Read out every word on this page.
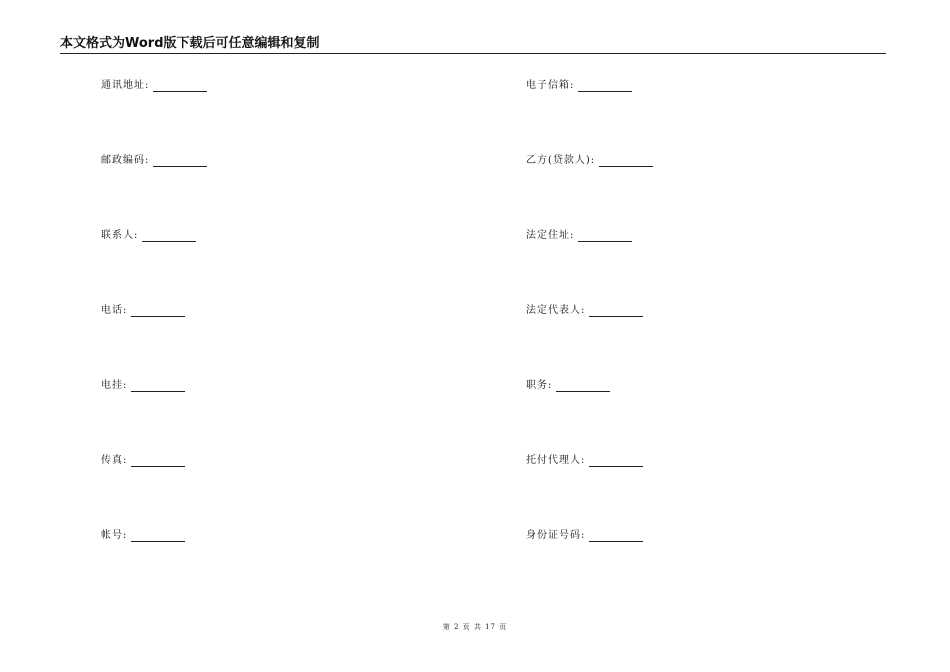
本文格式为Word版下载后可任意编辑和复制
通讯地址:
邮政编码:
联系人:
电话:
电挂:
传真:
帐号:
电子信箱:
乙方(贷款人):
法定住址:
法定代表人:
职务:
托付代理人:
身份证号码:
第 2 页 共 17 页
